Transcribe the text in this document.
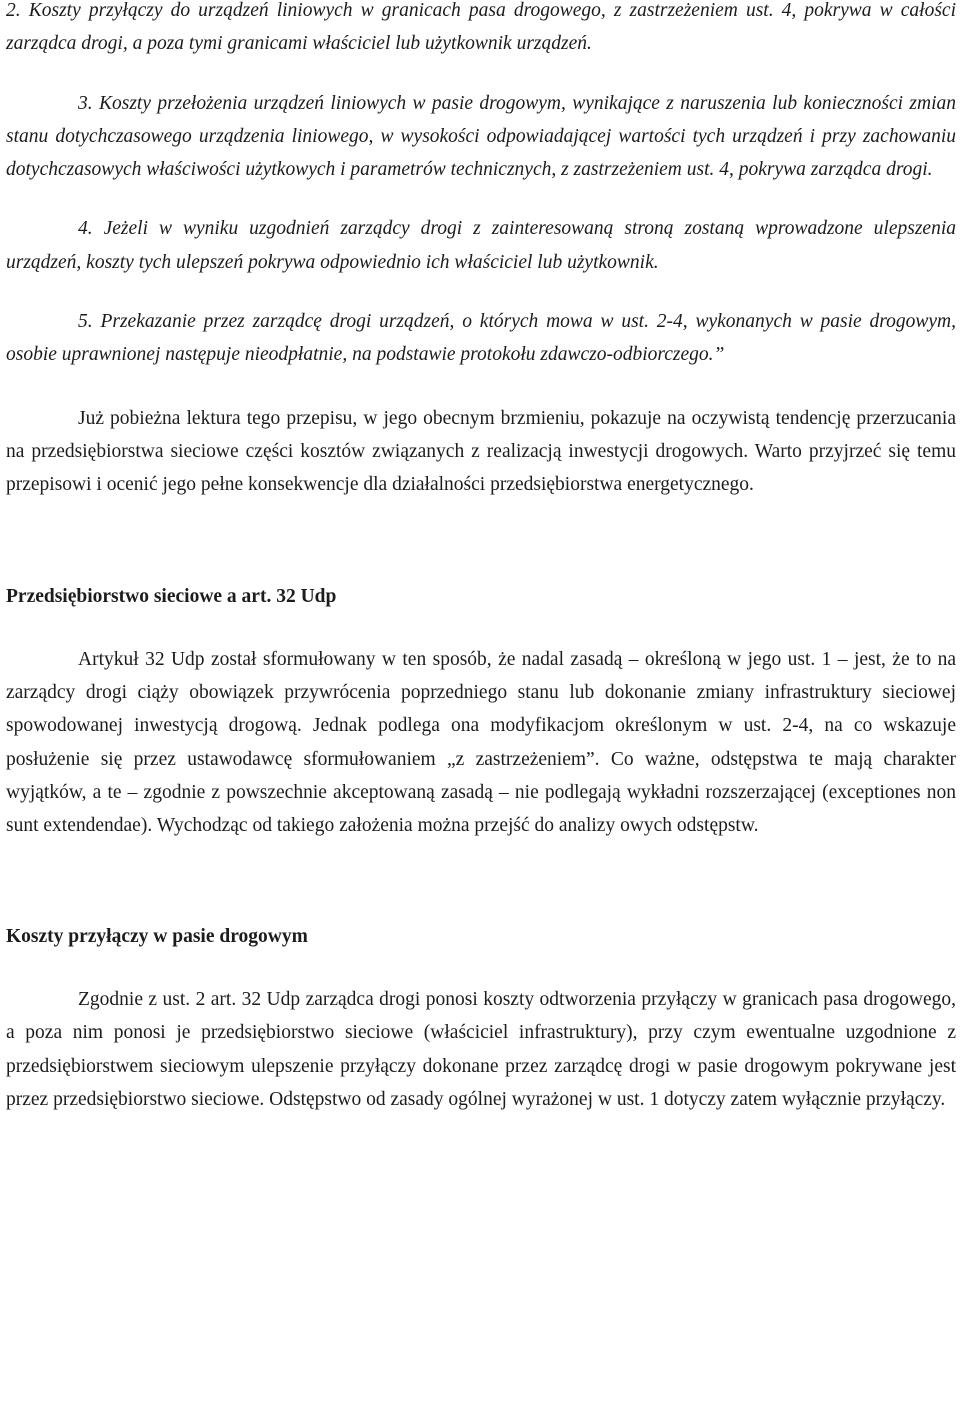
2. Koszty przyłączy do urządzeń liniowych w granicach pasa drogowego, z zastrzeżeniem ust. 4, pokrywa w całości zarządca drogi, a poza tymi granicami właściciel lub użytkownik urządzeń.

3. Koszty przełożenia urządzeń liniowych w pasie drogowym, wynikające z naruszenia lub konieczności zmian stanu dotychczasowego urządzenia liniowego, w wysokości odpowiadającej wartości tych urządzeń i przy zachowaniu dotychczasowych właściwości użytkowych i parametrów technicznych, z zastrzeżeniem ust. 4, pokrywa zarządca drogi.

4. Jeżeli w wyniku uzgodnień zarządcy drogi z zainteresowaną stroną zostaną wprowadzone ulepszenia urządzeń, koszty tych ulepszeń pokrywa odpowiednio ich właściciel lub użytkownik.

5. Przekazanie przez zarządcę drogi urządzeń, o których mowa w ust. 2-4, wykonanych w pasie drogowym, osobie uprawnionej następuje nieodpłatnie, na podstawie protokołu zdawczo-odbiorczego.”

Już pobieżna lektura tego przepisu, w jego obecnym brzmieniu, pokazuje na oczywistą tendencję przerzucania na przedsiębiorstwa sieciowe części kosztów związanych z realizacją inwestycji drogowych. Warto przyjrzeć się temu przepisowi i ocenić jego pełne konsekwencje dla działalności przedsiębiorstwa energetycznego.

Przedsiębiorstwo sieciowe a art. 32 Udp

Artykuł 32 Udp został sformułowany w ten sposób, że nadal zasadą – określoną w jego ust. 1 – jest, że to na zarządcy drogi ciąży obowiązek przywrócenia poprzedniego stanu lub dokonanie zmiany infrastruktury sieciowej spowodowanej inwestycją drogową. Jednak podlega ona modyfikacjom określonym w ust. 2-4, na co wskazuje posłużenie się przez ustawodawcę sformułowaniem „z zastrzeżeniem”. Co ważne, odstępstwa te mają charakter wyjątków, a te – zgodnie z powszechnie akceptowaną zasadą – nie podlegają wykładni rozszerzającej (exceptiones non sunt extendendae). Wychodząc od takiego założenia można przejść do analizy owych odstępstw.

Koszty przyłączy w pasie drogowym

Zgodnie z ust. 2 art. 32 Udp zarządca drogi ponosi koszty odtworzenia przyłączy w granicach pasa drogowego, a poza nim ponosi je przedsiębiorstwo sieciowe (właściciel infrastruktury), przy czym ewentualne uzgodnione z przedsiębiorstwem sieciowym ulepszenie przyłączy dokonane przez zarządcę drogi w pasie drogowym pokrywane jest przez przedsiębiorstwo sieciowe. Odstępstwo od zasady ogólnej wyrażonej w ust. 1 dotyczy zatem wyłącznie przyłączy.
